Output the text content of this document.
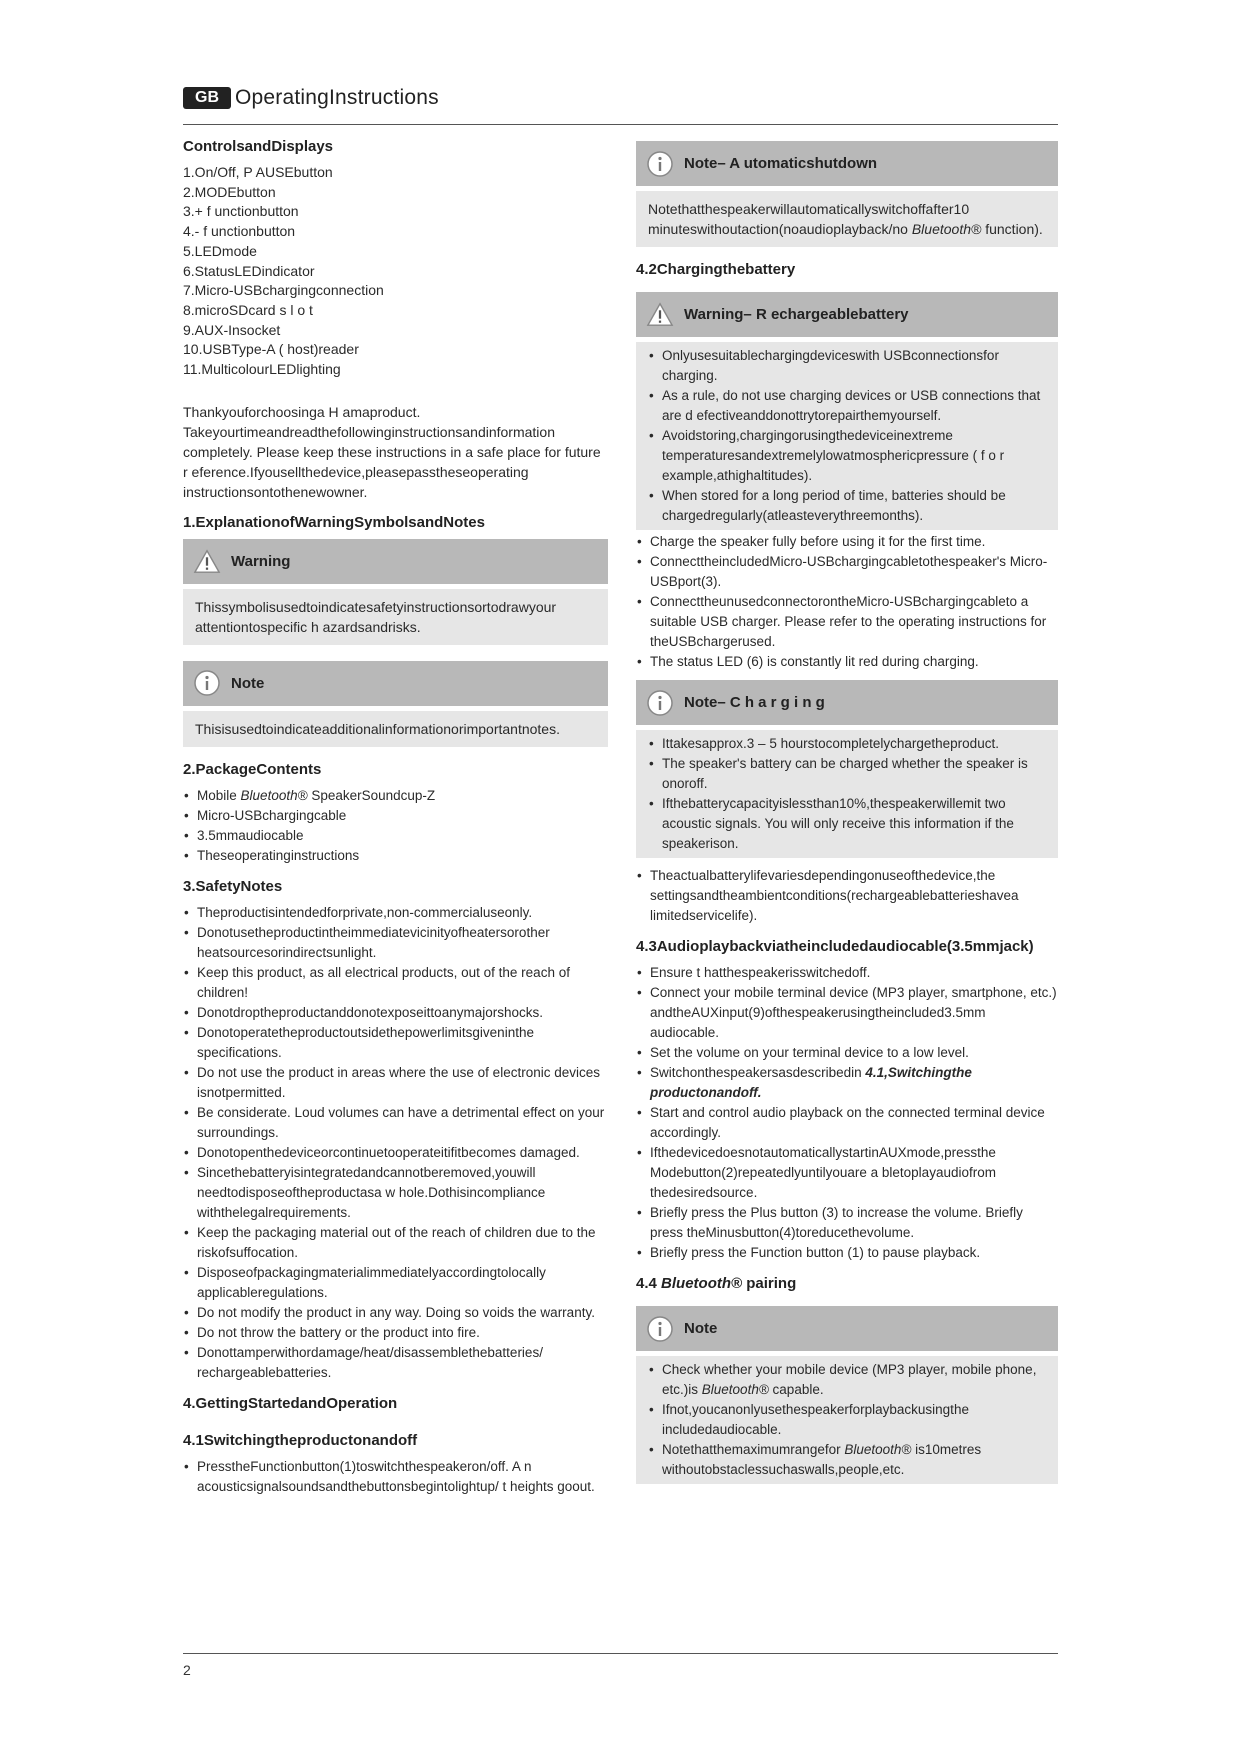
GB OperatingInstructions
ControlsandDisplays
1.On/Off, P AUSEbutton
2.MODEbutton
3.+ f unctionbutton
4.- f unctionbutton
5.LEDmode
6.StatusLEDindicator
7.Micro-USBchargingconnection
8.microSDcard s l o t
9.AUX-Insocket
10.USBType-A ( host)reader
11.MulticolourLEDlighting

Thankyouforchoosinga H amaproduct. Takeyourtimeandreadthefollowinginstructionsandinformation completely. Please keep these instructions in a safe place for future r eference.Ifyousellthedevice,pleasepasstheseoperating instructionsontothenewowner.

1.ExplanationofWarningSymbolsandNotes
Warning
Thissymbolisusedtoindicatesafetyinstructionsortodrawyour attentiontospecific h azardsandrisks.
Note
Thisisusedtoindicateadditionalinformationorimportantnotes.
2.PackageContents
• Mobile Bluetooth® SpeakerSoundcup-Z
• Micro-USBchargingcable
• 3.5mmaudiocable
• Theseoperatinginstructions
3.SafetyNotes
• Theproductisintendedforprivate,non-commercialuseonly.
• Donotusetheproductintheimmediatevicinityofheatersorother heatsourcesorindirectsunlight.
• Keep this product, as all electrical products, out of the reach of children!
• Donotdroptheproductanddonotexposeittoanymajorshocks.
• Donotoperatetheproductoutsidethepowerlimitsgiveninthe specifications.
• Do not use the product in areas where the use of electronic devices isnotpermitted.
• Be considerate. Loud volumes can have a detrimental effect on your surroundings.
• Donotopenthedeviceorcontinuetooperateitifitbecomes damaged.
• Sincethebatteryisintegratedandcannotberemoved,youwill needtodisposeoftheproductasa w hole.Dothisincompliance withthelegalrequirements.
• Keep the packaging material out of the reach of children due to the riskofsuffocation.
• Disposeofpackagingmaterialimmediatelyaccordingtolocally applicableregulations.
• Do not modify the product in any way. Doing so voids the warranty.
• Do not throw the battery or the product into fire.
• Donottamperwithordamage/heat/disassemblethebatteries/ rechargeablebatteries.
4.GettingStartedandOperation
4.1Switchingtheproductonandoff
• PresstheFunctionbutton(1)toswitchthespeakeron/off. A n acousticsignalsoundsandthebuttonsbegintolightup/ t heights goout.
Note– A utomaticshutdown
Notethatthespeakerwillautomaticallyswitchoffafter10 minuteswithoutaction(noaudioplayback/no Bluetooth® function).
4.2Chargingthebattery
Warning– R echargeablebattery
• Onlyusesuitablechargingdeviceswith USBconnectionsfor charging.
• As a rule, do not use charging devices or USB connections that are d efectiveanddonottrytorepairthemyourself.
• Avoidstoring,chargingorusingthedeviceinextreme temperaturesandextremelylowatmosphericpressure ( f o r example,athighaltitudes).
• When stored for a long period of time, batteries should be chargedregularly(atleasteverythreemonths).
• Charge the speaker fully before using it for the first time.
• ConnecttheincludedMicro-USBchargingcabletothespeaker's Micro-USBport(3).
• ConnecttheunusedconnectorontheMicro-USBchargingcableto a suitable USB charger. Please refer to the operating instructions for theUSBchargerused.
• The status LED (6) is constantly lit red during charging.
Note– C h a r g i n g
• Ittakesapprox.3 – 5 hourstocompletelychargetheproduct.
• The speaker's battery can be charged whether the speaker is onoroff.
• Ifthebatterycapacityislessthan10%,thespeakerwillemit two acoustic signals. You will only receive this information if the speakerison.
• Theactualbatterylifevariesdependingonuseofthedevice,the settingsandtheambientconditions(rechargeablebatterieshavea limitedservicelife).
4.3Audioplaybackviatheincludedaudiocable(3.5mmjack)
• Ensure t hatthespeakerisswitchedoff.
• Connect your mobile terminal device (MP3 player, smartphone, etc.) andtheAUXinput(9)ofthespeakerusingtheincluded3.5mm audiocable.
• Set the volume on your terminal device to a low level.
• Switchonthespeakersasdescribedin 4.1,Switchingthe productonandoff.
• Start and control audio playback on the connected terminal device accordingly.
• IfthedevicedoesnotautomaticallystartinAUXmode,pressthe Modebutton(2)repeatedlyuntilyouare a bletoplayaudiofrom thedesiredsource.
• Briefly press the Plus button (3) to increase the volume. Briefly press theMinusbutton(4)toreducethevolume.
• Briefly press the Function button (1) to pause playback.
4.4 Bluetooth® pairing
Note
• Check whether your mobile device (MP3 player, mobile phone, etc.)is Bluetooth® capable.
• Ifnot,youcanonlyusethespeakerforplaybackusingthe includedaudiocable.
• Notethatthemaximumrangefor Bluetooth® is10metres withoutobstaclessuchaswalls,people,etc.
2
